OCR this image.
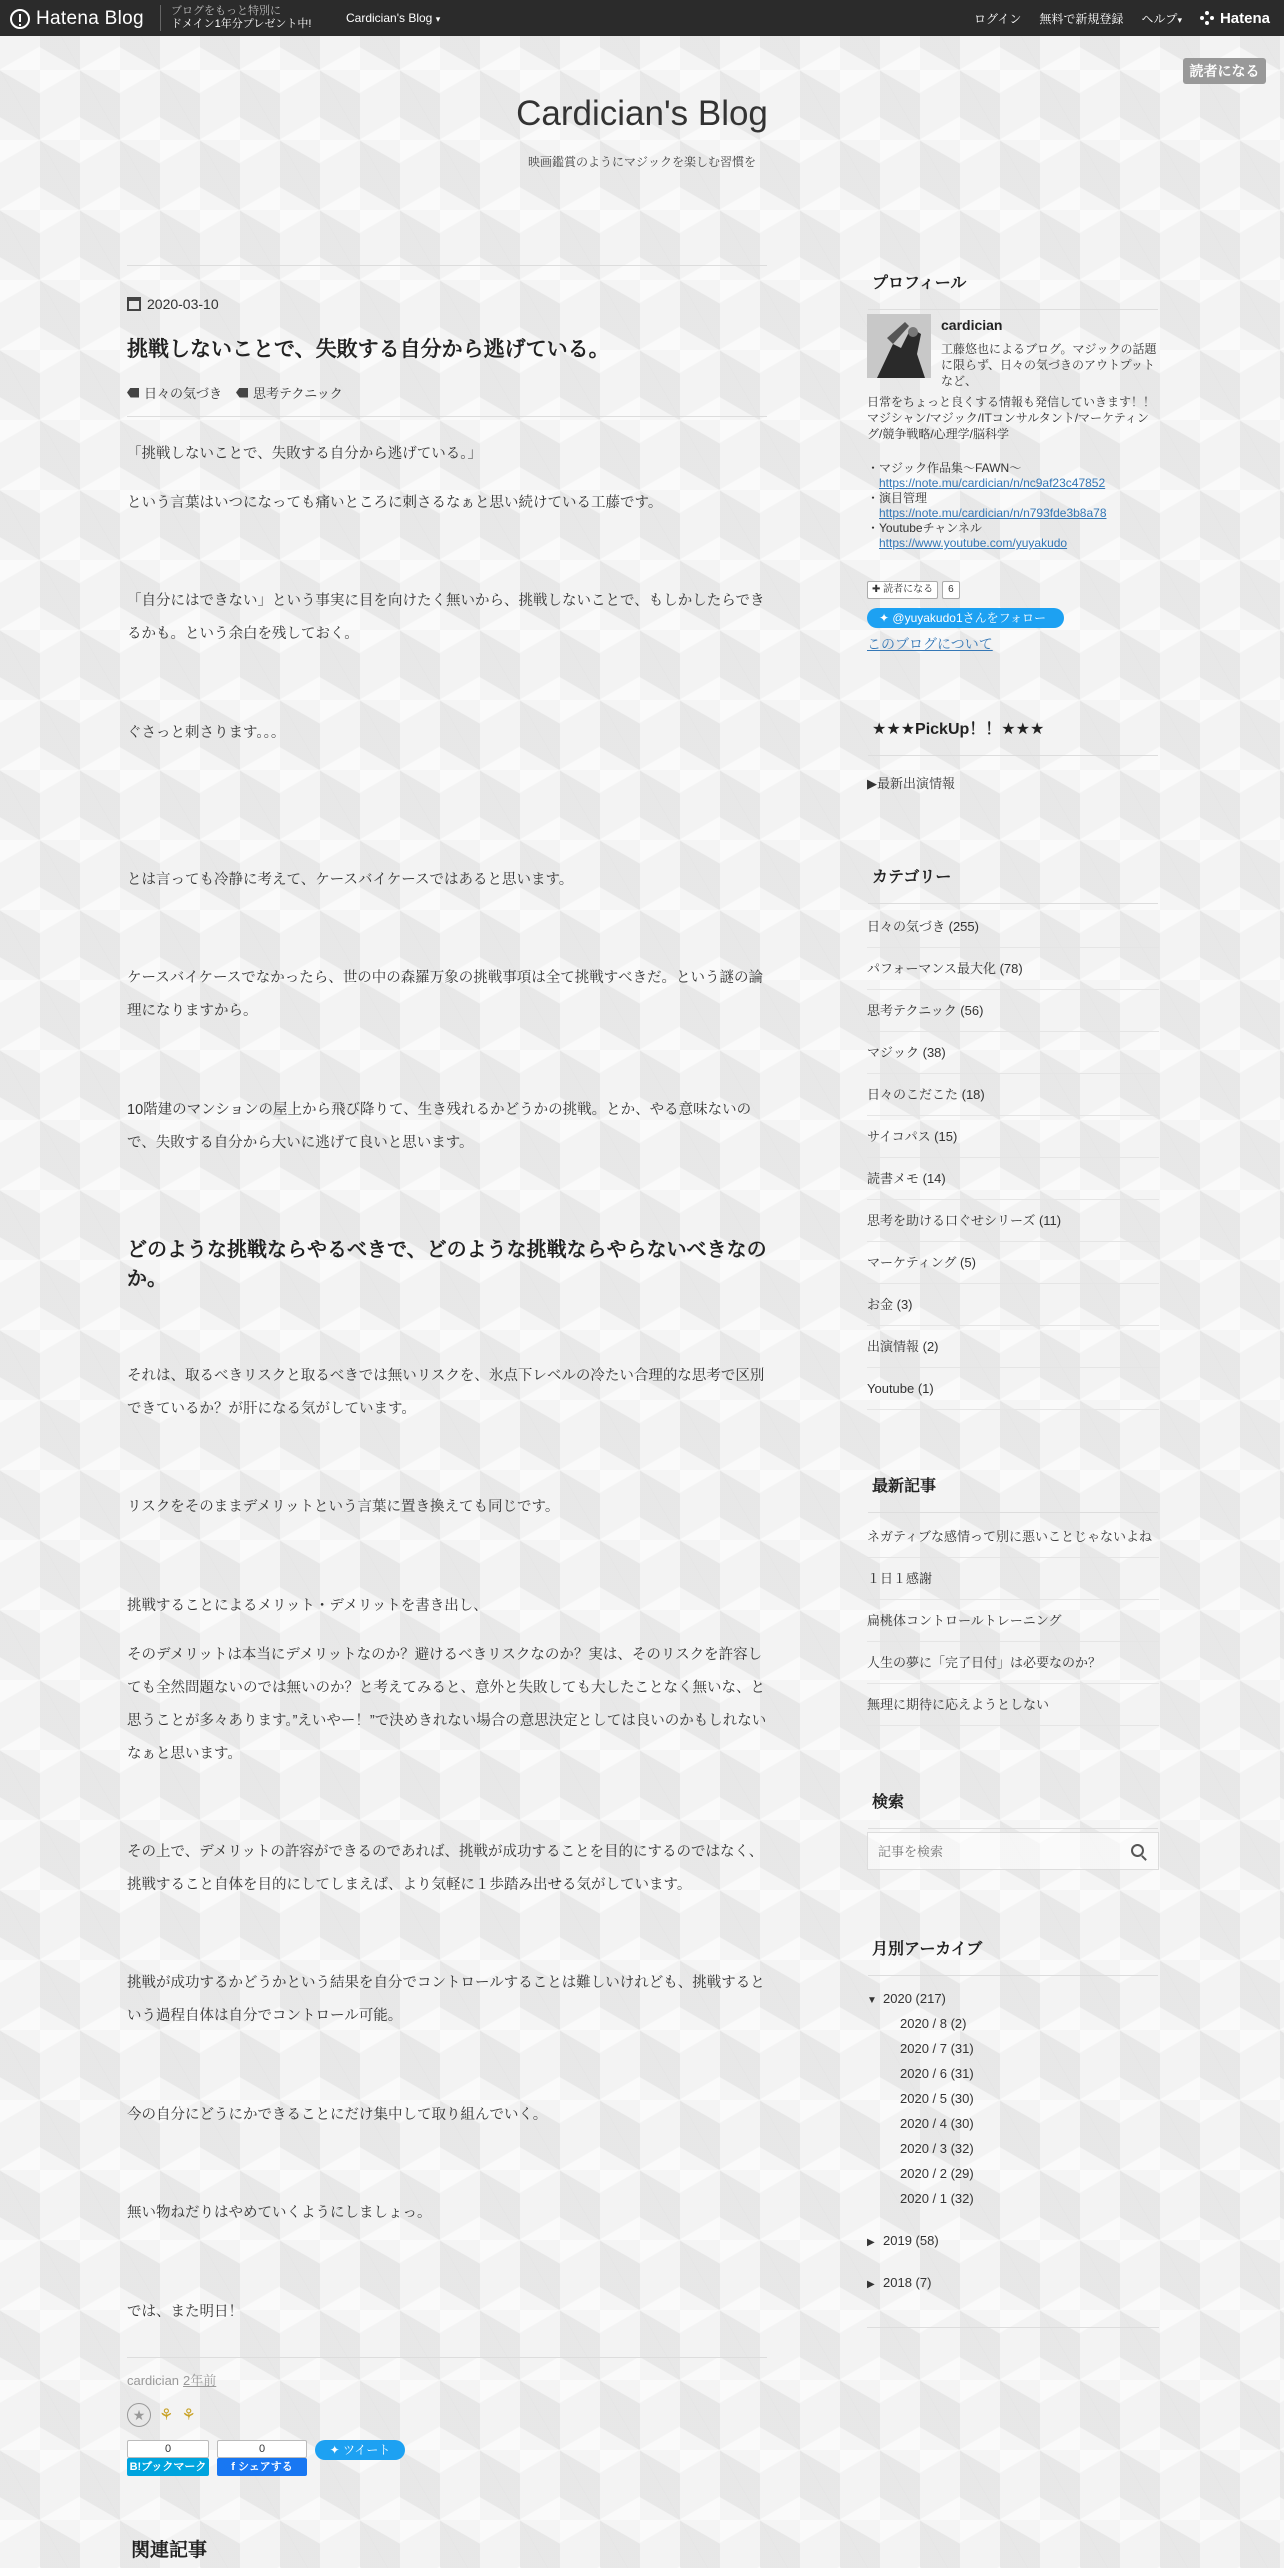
Hatena Blog ブログをもっと特別に
ドメイン1年分プレゼント中!	Cardician's Blog ▾	ログイン 無料で新規登録 ヘルプ▾	Hatena
読者になる
Cardician's Blog
映画鑑賞のようにマジックを楽しむ習慣を
2020-03-10
挑戦しないことで、失敗する自分から逃げている。
日々の気づき 思考テクニック

「挑戦しないことで、失敗する自分から逃げている。」

という言葉はいつになっても痛いところに刺さるなぁと思い続けている工藤です。

「自分にはできない」という事実に目を向けたく無いから、挑戦しないことで、もしかしたらできるかも。という余白を残しておく。

ぐさっと刺さります。。。

とは言っても冷静に考えて、ケースバイケースではあると思います。

ケースバイケースでなかったら、世の中の森羅万象の挑戦事項は全て挑戦すべきだ。という謎の論理になりますから。

10階建のマンションの屋上から飛び降りて、生き残れるかどうかの挑戦。とか、やる意味ないので、失敗する自分から大いに逃げて良いと思います。

どのような挑戦ならやるべきで、どのような挑戦ならやらないべきなのか。

それは、取るべきリスクと取るべきでは無いリスクを、氷点下レベルの冷たい合理的な思考で区別できているか？が肝になる気がしています。

リスクをそのままデメリットという言葉に置き換えても同じです。

挑戦することによるメリット・デメリットを書き出し、

そのデメリットは本当にデメリットなのか？避けるべきリスクなのか？実は、そのリスクを許容しても全然問題ないのでは無いのか？と考えてみると、意外と失敗しても大したことなく無いな、と思うことが多々あります。”えいやー！”で決めきれない場合の意思決定としては良いのかもしれないなぁと思います。

その上で、デメリットの許容ができるのであれば、挑戦が成功することを目的にするのではなく、挑戦すること自体を目的にしてしまえば、より気軽に１歩踏み出せる気がしています。

挑戦が成功するかどうかという結果を自分でコントロールすることは難しいけれども、挑戦するという過程自体は自分でコントロール可能。

今の自分にどうにかできることにだけ集中して取り組んでいく。

無い物ねだりはやめていくようにしましょっ。

では、また明日！

cardician 2年前
★ ⚘ ⚘
0
B!ブックマーク
0
f シェアする
✦ ツイート
関連記事
プロフィール
cardician
工藤悠也によるブログ。マジックの話題に限らず、日々の気づきのアウトプットなど、
日常をちょっと良くする情報も発信していきます！！マジシャン/マジック/ITコンサルタント/マーケティング/競争戦略/心理学/脳科学
・マジック作品集〜FAWN〜
https://note.mu/cardician/n/nc9af23c47852
・演目管理
https://note.mu/cardician/n/n793fde3b8a78
・Youtubeチャンネル
https://www.youtube.com/yuyakudo
✚ 読者になる	6
✦ @yuyakudo1さんをフォロー
このブログについて
★★★PickUp！！★★★
▶最新出演情報
カテゴリー
日々の気づき (255)
パフォーマンス最大化 (78)
思考テクニック (56)
マジック (38)
日々のこだこた (18)
サイコパス (15)
読書メモ (14)
思考を助ける口ぐせシリーズ (11)
マーケティング (5)
お金 (3)
出演情報 (2)
Youtube (1)
最新記事
ネガティブな感情って別に悪いことじゃないよね
１日１感謝
扁桃体コントロールトレーニング
人生の夢に「完了日付」は必要なのか？
無理に期待に応えようとしない
検索
記事を検索
月別アーカイブ
▼ 2020 (217)
2020 / 8 (2)
2020 / 7 (31)
2020 / 6 (31)
2020 / 5 (30)
2020 / 4 (30)
2020 / 3 (32)
2020 / 2 (29)
2020 / 1 (32)
▶ 2019 (58)
▶ 2018 (7)
